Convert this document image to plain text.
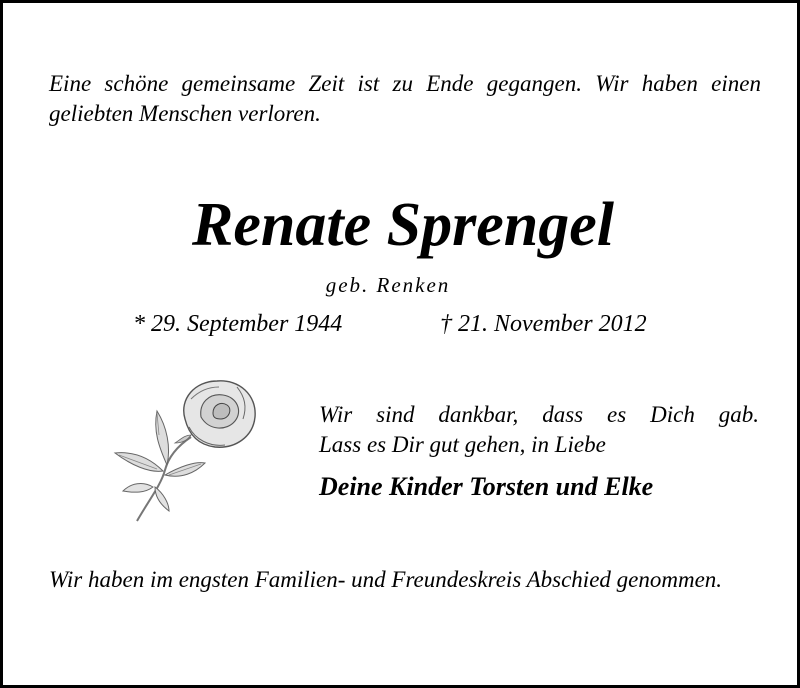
Eine schöne gemeinsame Zeit ist zu Ende gegangen. Wir haben einen geliebten Menschen verloren.
Renate Sprengel
geb. Renken
* 29. September 1944	† 21. November 2012
Wir sind dankbar, dass es Dich gab.
Lass es Dir gut gehen, in Liebe
Deine Kinder Torsten und Elke
Wir haben im engsten Familien- und Freundeskreis Abschied genommen.
